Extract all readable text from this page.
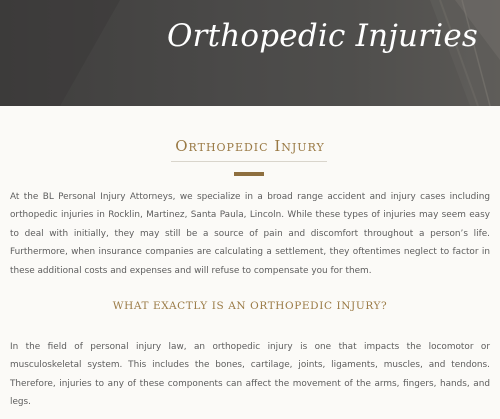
Orthopedic Injuries
Orthopedic Injury

At the BL Personal Injury Attorneys, we specialize in a broad range accident and injury cases including orthopedic injuries in Rocklin, Martinez, Santa Paula, Lincoln. While these types of injuries may seem easy to deal with initially, they may still be a source of pain and discomfort throughout a person’s life. Furthermore, when insurance companies are calculating a settlement, they oftentimes neglect to factor in these additional costs and expenses and will refuse to compensate you for them.

WHAT EXACTLY IS AN ORTHOPEDIC INJURY?

In the field of personal injury law, an orthopedic injury is one that impacts the locomotor or musculoskeletal system. This includes the bones, cartilage, joints, ligaments, muscles, and tendons. Therefore, injuries to any of these components can affect the movement of the arms, fingers, hands, and legs.
